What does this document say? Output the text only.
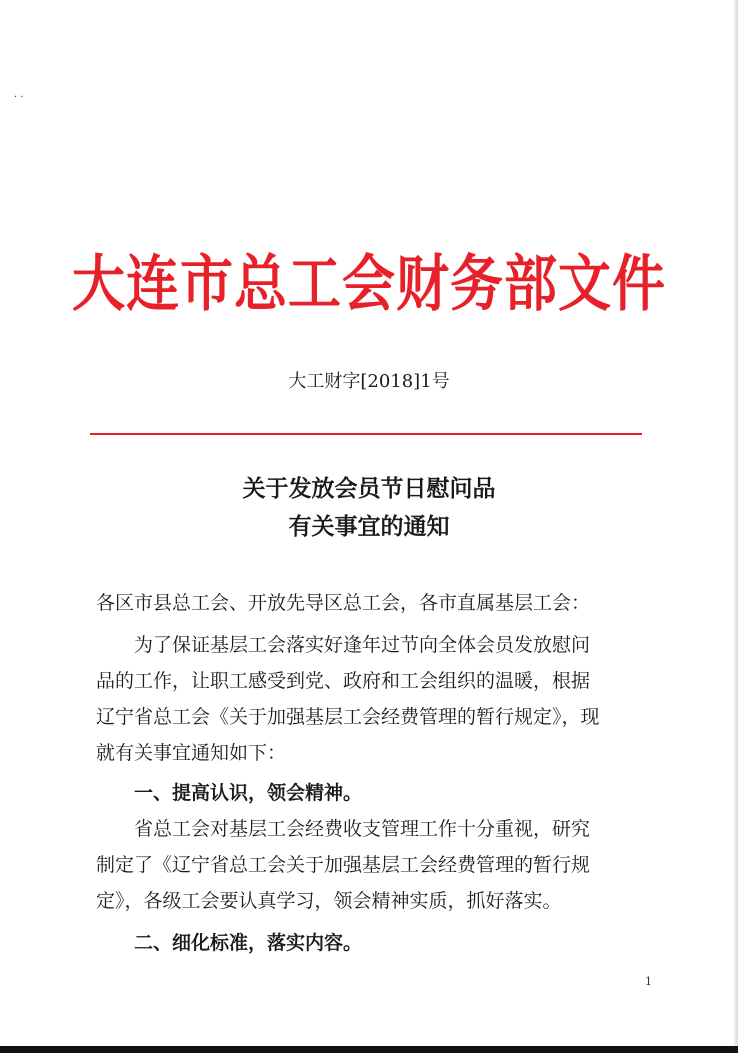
· ·
大连市总工会财务部文件
大工财字[2018]1号
关于发放会员节日慰问品
有关事宜的通知
各区市县总工会、开放先导区总工会，各市直属基层工会：
为了保证基层工会落实好逢年过节向全体会员发放慰问
品的工作，让职工感受到党、政府和工会组织的温暖，根据
辽宁省总工会《关于加强基层工会经费管理的暂行规定》，现
就有关事宜通知如下：
一、提高认识，领会精神。
省总工会对基层工会经费收支管理工作十分重视，研究
制定了《辽宁省总工会关于加强基层工会经费管理的暂行规
定》，各级工会要认真学习，领会精神实质，抓好落实。
二、细化标准，落实内容。
1
